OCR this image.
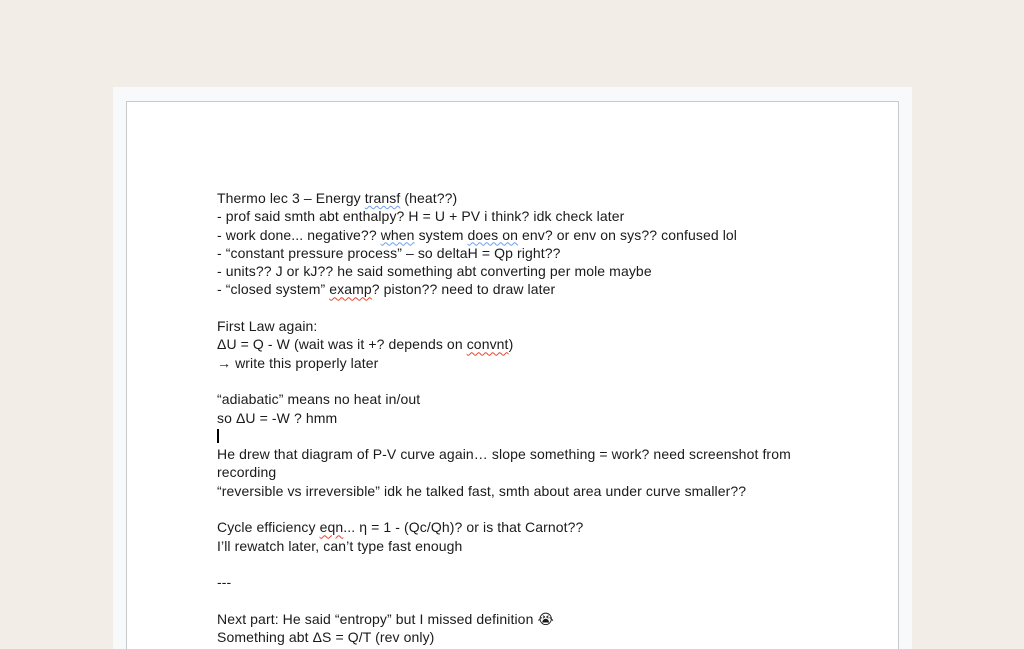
Thermo lec 3 – Energy transf (heat??)
- prof said smth abt enthalpy? H = U + PV i think? idk check later
- work done... negative?? when system does on env? or env on sys?? confused lol
- “constant pressure process” – so deltaH = Qp right??
- units?? J or kJ?? he said something abt converting per mole maybe
- “closed system” examp? piston?? need to draw later
First Law again:
ΔU = Q - W (wait was it +? depends on convnt)
→ write this properly later
“adiabatic” means no heat in/out
so ΔU = -W ? hmm
He drew that diagram of P-V curve again… slope something = work? need screenshot from
recording
“reversible vs irreversible” idk he talked fast, smth about area under curve smaller??
Cycle efficiency eqn... η = 1 - (Qc/Qh)? or is that Carnot??
I’ll rewatch later, can’t type fast enough
---
Next part: He said “entropy” but I missed definition 😭
Something abt ΔS = Q/T (rev only)
